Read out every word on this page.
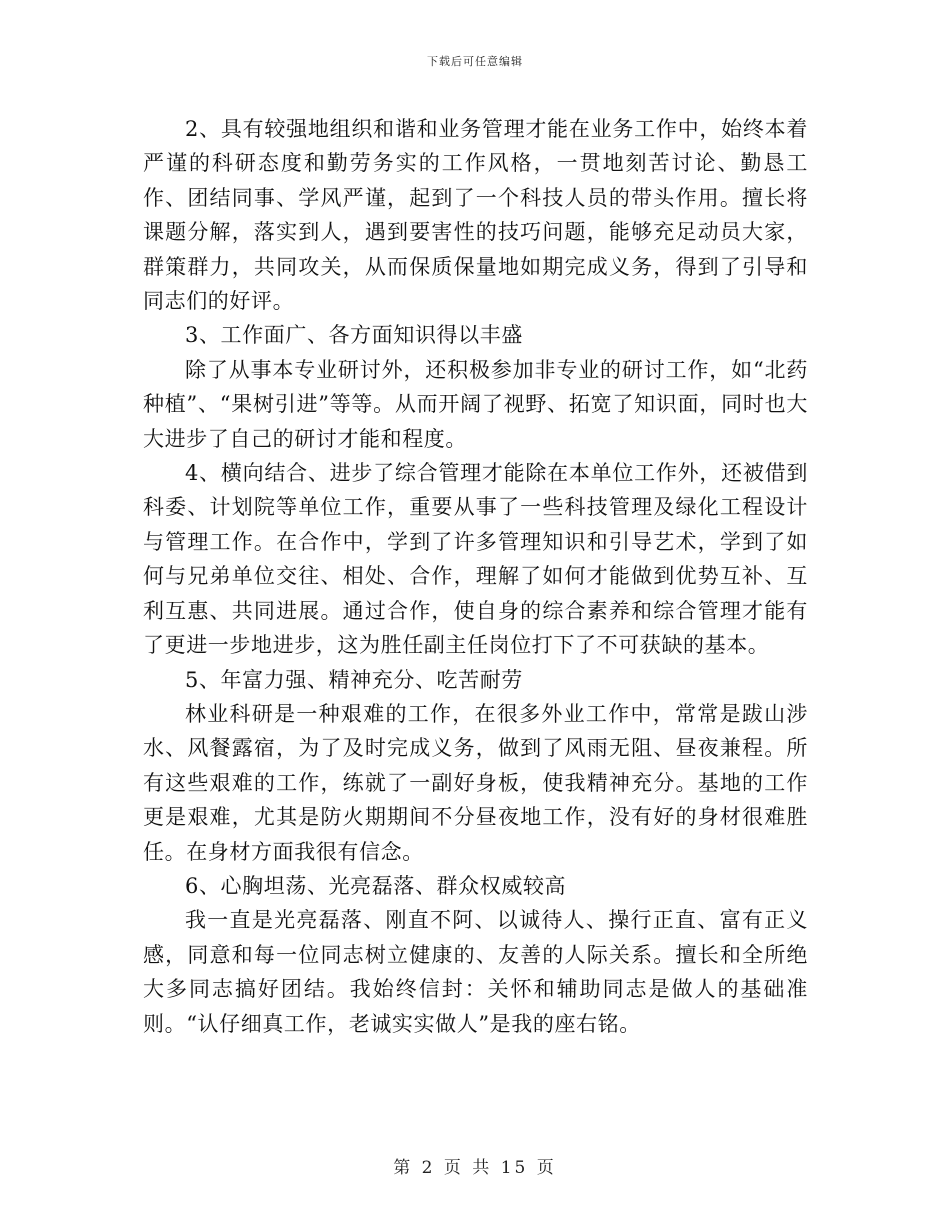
下载后可任意编辑

2、具有较强地组织和谐和业务管理才能在业务工作中，始终本着严谨的科研态度和勤劳务实的工作风格，一贯地刻苦讨论、勤恳工作、团结同事、学风严谨，起到了一个科技人员的带头作用。擅长将课题分解，落实到人，遇到要害性的技巧问题，能够充足动员大家，群策群力，共同攻关，从而保质保量地如期完成义务，得到了引导和同志们的好评。

3、工作面广、各方面知识得以丰盛

除了从事本专业研讨外，还积极参加非专业的研讨工作，如“北药种植”、“果树引进”等等。从而开阔了视野、拓宽了知识面，同时也大大进步了自己的研讨才能和程度。

4、横向结合、进步了综合管理才能除在本单位工作外，还被借到科委、计划院等单位工作，重要从事了一些科技管理及绿化工程设计与管理工作。在合作中，学到了许多管理知识和引导艺术，学到了如何与兄弟单位交往、相处、合作，理解了如何才能做到优势互补、互利互惠、共同进展。通过合作，使自身的综合素养和综合管理才能有了更进一步地进步，这为胜任副主任岗位打下了不可获缺的基本。

5、年富力强、精神充分、吃苦耐劳

林业科研是一种艰难的工作，在很多外业工作中，常常是跋山涉水、风餐露宿，为了及时完成义务，做到了风雨无阻、昼夜兼程。所有这些艰难的工作，练就了一副好身板，使我精神充分。基地的工作更是艰难，尤其是防火期期间不分昼夜地工作，没有好的身材很难胜任。在身材方面我很有信念。

6、心胸坦荡、光亮磊落、群众权威较高

我一直是光亮磊落、刚直不阿、以诚待人、操行正直、富有正义感，同意和每一位同志树立健康的、友善的人际关系。擅长和全所绝大多同志搞好团结。我始终信封：关怀和辅助同志是做人的基础准则。“认仔细真工作，老诚实实做人”是我的座右铭。

第 2 页 共 15 页
